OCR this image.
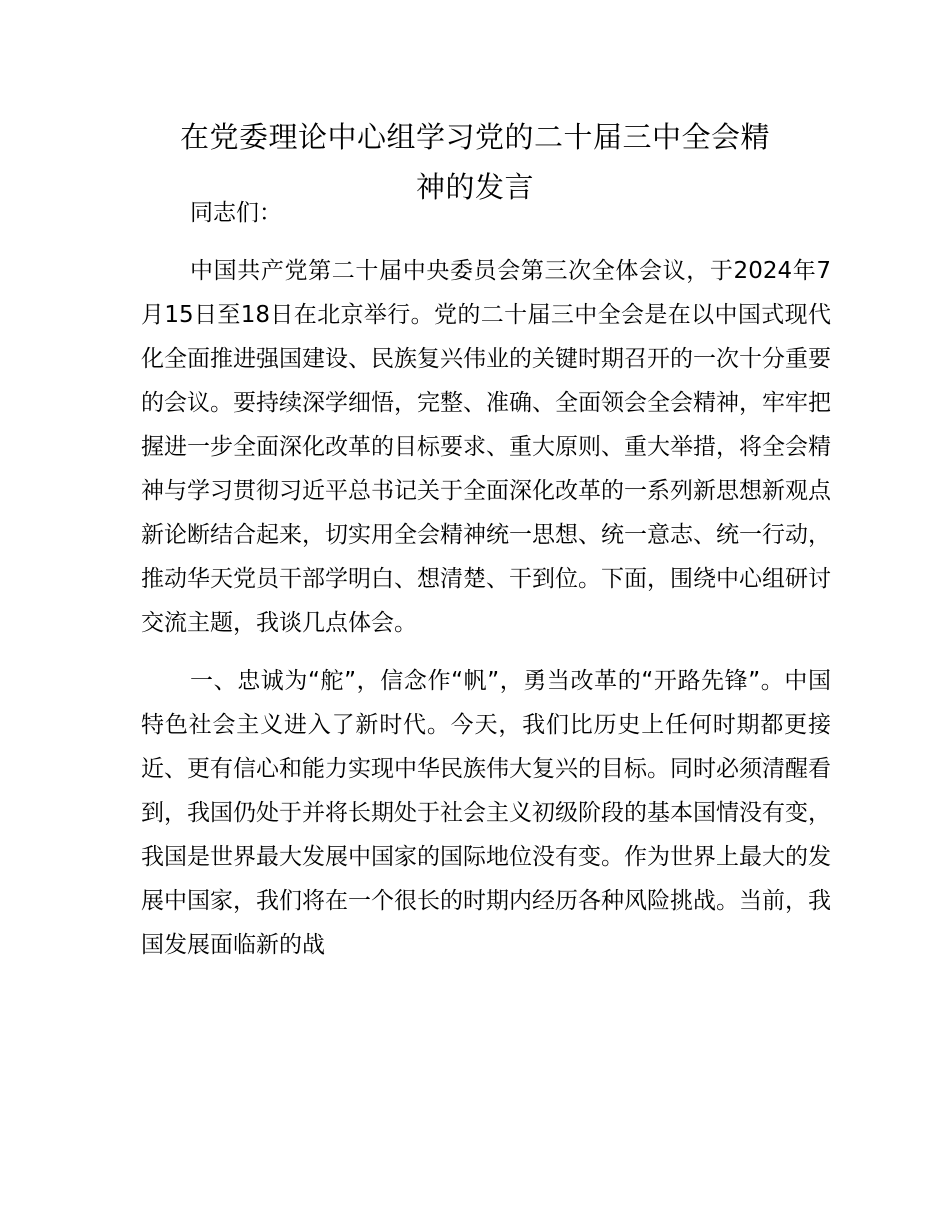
在党委理论中心组学习党的二十届三中全会精
神的发言

同志们：

中国共产党第二十届中央委员会第三次全体会议，于2024年7月15日至18日在北京举行。党的二十届三中全会是在以中国式现代化全面推进强国建设、民族复兴伟业的关键时期召开的一次十分重要的会议。要持续深学细悟，完整、准确、全面领会全会精神，牢牢把握进一步全面深化改革的目标要求、重大原则、重大举措，将全会精神与学习贯彻习近平总书记关于全面深化改革的一系列新思想新观点新论断结合起来，切实用全会精神统一思想、统一意志、统一行动，推动华天党员干部学明白、想清楚、干到位。下面，围绕中心组研讨交流主题，我谈几点体会。

一、忠诚为“舵”，信念作“帆”，勇当改革的“开路先锋”。中国特色社会主义进入了新时代。今天，我们比历史上任何时期都更接近、更有信心和能力实现中华民族伟大复兴的目标。同时必须清醒看到，我国仍处于并将长期处于社会主义初级阶段的基本国情没有变，我国是世界最大发展中国家的国际地位没有变。作为世界上最大的发展中国家，我们将在一个很长的时期内经历各种风险挑战。当前，我国发展面临新的战
